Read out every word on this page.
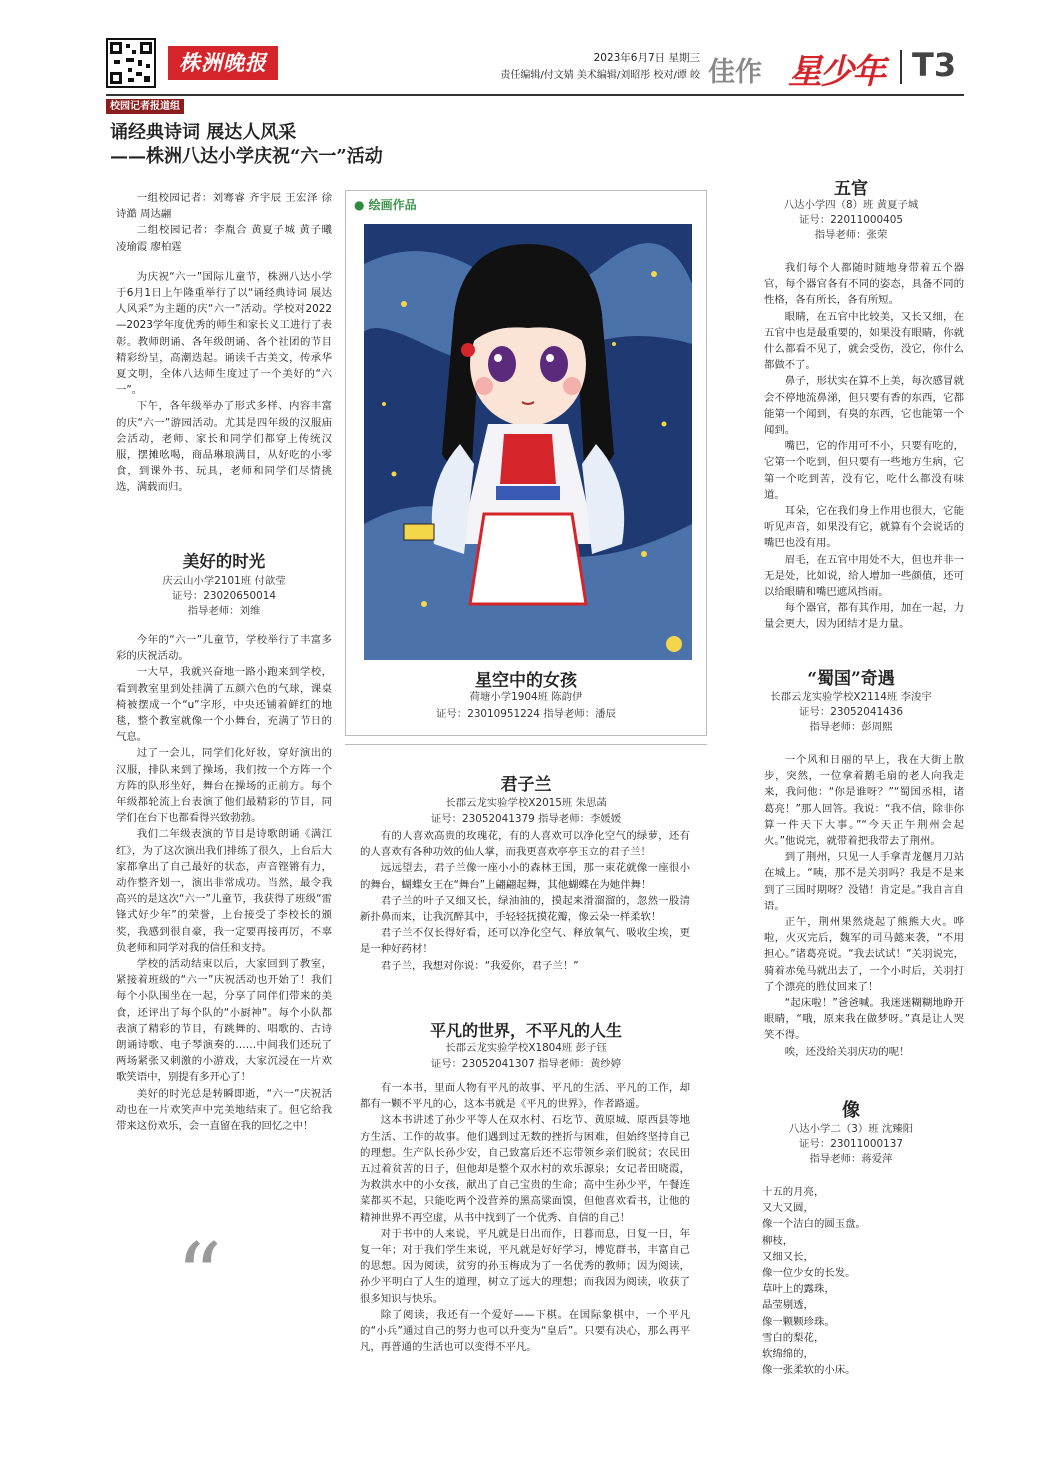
株洲晚报	2023年6月7日 星期三
责任编辑/付文婧 美术编辑/刘昭彤 校对/谭 皎 佳作 星少年 T3
校园记者报道组
诵经典诗词 展达人风采
——株洲八达小学庆祝“六一”活动

一组校园记者：刘骞睿 齐宇辰 王宏泽 徐诗澔 周达翮

二组校园记者：李胤合 黄夏子城 黄子曦 凌瑜霞 廖柏霆

为庆祝“六一”国际儿童节，株洲八达小学于6月1日上午隆重举行了以“诵经典诗词 展达人风采”为主题的庆“六一”活动。学校对2022—2023学年度优秀的师生和家长义工进行了表彰。教师朗诵、各年级朗诵、各个社团的节目精彩纷呈，高潮迭起。诵读千古美文，传承华夏文明，全体八达师生度过了一个美好的“六一”。

下午，各年级举办了形式多样、内容丰富的庆“六一”游园活动。尤其是四年级的汉服庙会活动，老师、家长和同学们都穿上传统汉服，摆摊吆喝，商品琳琅满目，从好吃的小零食，到课外书、玩具，老师和同学们尽情挑选，满载而归。

美好的时光
庆云山小学2101班 付歆莹
证号：23020650014
指导老师：刘维

今年的“六一”儿童节，学校举行了丰富多彩的庆祝活动。

一大早，我就兴奋地一路小跑来到学校，看到教室里到处挂满了五颜六色的气球，课桌椅被摆成一个“u”字形，中央还铺着鲜红的地毯，整个教室就像一个小舞台，充满了节日的气息。

过了一会儿，同学们化好妆，穿好演出的汉服，排队来到了操场，我们按一个方阵一个方阵的队形坐好，舞台在操场的正前方。每个年级都轮流上台表演了他们最精彩的节目，同学们在台下也都看得兴致勃勃。

我们二年级表演的节目是诗歌朗诵《满江红》，为了这次演出我们排练了很久，上台后大家都拿出了自己最好的状态，声音铿锵有力，动作整齐划一，演出非常成功。当然，最令我高兴的是这次“六一”儿童节，我获得了班级“雷锋式好少年”的荣誉，上台接受了李校长的颁奖，我感到很自豪，我一定要再接再厉，不辜负老师和同学对我的信任和支持。

学校的活动结束以后，大家回到了教室，紧接着班级的“六一”庆祝活动也开始了！我们每个小队围坐在一起，分享了同伴们带来的美食，还评出了每个队的“小厨神”。每个小队都表演了精彩的节目，有跳舞的、唱歌的、古诗朗诵诗歌、电子琴演奏的……中间我们还玩了两场紧张又刺激的小游戏，大家沉浸在一片欢歌笑语中，别提有多开心了！

美好的时光总是转瞬即逝，“六一”庆祝活动也在一片欢笑声中完美地结束了。但它给我带来这份欢乐，会一直留在我的回忆之中！

“
● 绘画作品
星空中的女孩
荷塘小学1904班 陈韵伊
证号：23010951224 指导老师：潘辰
君子兰
长郡云龙实验学校X2015班 朱思菡
证号：23052041379 指导老师：李媛媛

有的人喜欢高贵的玫瑰花，有的人喜欢可以净化空气的绿萝，还有的人喜欢有各种功效的仙人掌，而我更喜欢亭亭玉立的君子兰！

远远望去，君子兰像一座小小的森林王国，那一束花就像一座很小的舞台，蝴蝶女王在“舞台”上翩翩起舞，其他蝴蝶在为她伴舞！

君子兰的叶子又细又长，绿油油的，摸起来滑溜溜的，忽然一股清新扑鼻而来，让我沉醉其中，手轻轻抚摸花瓣，像云朵一样柔软！

君子兰不仅长得好看，还可以净化空气、释放氧气、吸收尘埃，更是一种好药材！

君子兰，我想对你说：“我爱你，君子兰！”

平凡的世界，不平凡的人生
长郡云龙实验学校X1804班 彭子钰
证号：23052041307 指导老师：黄纱婷

有一本书，里面人物有平凡的故事、平凡的生活、平凡的工作，却都有一颗不平凡的心，这本书就是《平凡的世界》，作者路遥。

这本书讲述了孙少平等人在双水村、石圪节、黄原城、原西县等地方生活、工作的故事。他们遇到过无数的挫折与困难，但始终坚持自己的理想。生产队长孙少安，自己致富后还不忘带领乡亲们脱贫；农民田五过着贫苦的日子，但他却是整个双水村的欢乐源泉；女记者田晓霞，为救洪水中的小女孩，献出了自己宝贵的生命；高中生孙少平，午餐连菜都买不起，只能吃两个没营养的黑高粱面馍，但他喜欢看书，让他的精神世界不再空虚，从书中找到了一个优秀、自信的自己！

对于书中的人来说，平凡就是日出而作，日暮而息，日复一日，年复一年；对于我们学生来说，平凡就是好好学习，博览群书，丰富自己的思想。因为阅读，贫穷的孙玉梅成为了一名优秀的教师；因为阅读，孙少平明白了人生的道理，树立了远大的理想；而我因为阅读，收获了很多知识与快乐。

除了阅读，我还有一个爱好——下棋。在国际象棋中，一个平凡的“小兵”通过自己的努力也可以升变为“皇后”。只要有决心，那么再平凡，再普通的生活也可以变得不平凡。

五官
八达小学四（8）班 黄夏子城
证号：22011000405
指导老师：张荣

我们每个人都随时随地身带着五个器官，每个器官各有不同的姿态，具备不同的性格，各有所长，各有所短。

眼睛，在五官中比较美，又长又细，在五官中也是最重要的，如果没有眼睛，你就什么都看不见了，就会受伤，没它，你什么都做不了。

鼻子，形状实在算不上美，每次感冒就会不停地流鼻涕，但只要有香的东西，它都能第一个闻到，有臭的东西，它也能第一个闻到。

嘴巴，它的作用可不小，只要有吃的，它第一个吃到，但只要有一些地方生病，它第一个吃到苦，没有它，吃什么都没有味道。

耳朵，它在我们身上作用也很大，它能听见声音，如果没有它，就算有个会说话的嘴巴也没有用。

眉毛，在五官中用处不大，但也并非一无是处，比如说，给人增加一些颜值，还可以给眼睛和嘴巴遮风挡雨。

每个器官，都有其作用，加在一起，力量会更大，因为团结才是力量。

“蜀国”奇遇
长郡云龙实验学校X2114班 李浚宇
证号：23052041436
指导老师：彭周熙

一个风和日丽的早上，我在大街上散步，突然，一位拿着鹅毛扇的老人向我走来，我问他：“你是谁呀？”“蜀国丞相，诸葛亮！”那人回答。我说：“我不信，除非你算一件天下大事。”“今天正午荆州会起火。”他说完，就带着把我带去了荆州。

到了荆州，只见一人手拿青龙偃月刀站在城上。“咦，那不是关羽吗？我是不是来到了三国时期呀？没错！肯定是。”我自言自语。

正午，荆州果然烧起了熊熊大火。哗啦，火灭完后，魏军的司马懿来袭，“不用担心。”诸葛亮说。“我去试试！”关羽说完，骑着赤兔马就出去了，一个小时后，关羽打了个漂亮的胜仗回来了！

“起床啦！”爸爸喊。我迷迷糊糊地睁开眼睛，“哦，原来我在做梦呀。”真是让人哭笑不得。

唉，还没给关羽庆功的呢！

像
八达小学二（3）班 沈臻阳
证号：23011000137
指导老师：蒋爱萍

十五的月亮，

又大又圆，

像一个洁白的圆玉盘。

柳枝，

又细又长，

像一位少女的长发。

草叶上的露珠，

晶莹剔透，

像一颗颗珍珠。

雪白的梨花，

软绵绵的，

像一张柔软的小床。
